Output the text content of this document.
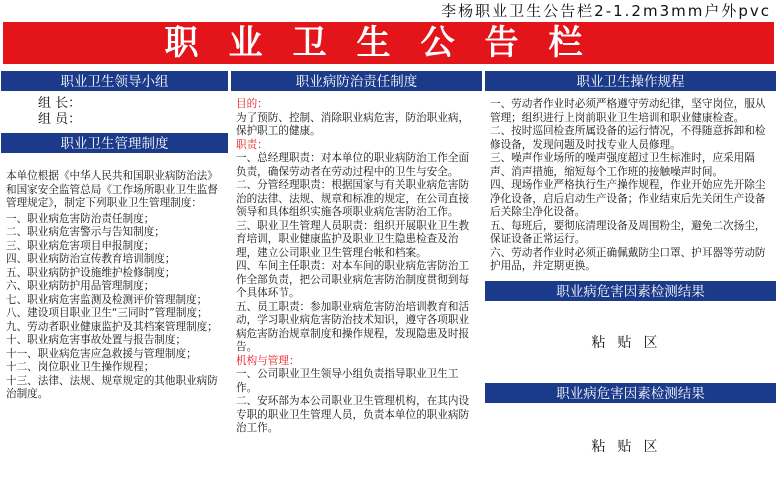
李杨职业卫生公告栏2-1.2m3mm户外pvc
职业卫生公告栏
职业卫生领导小组
组 长：
组 员：
职业卫生管理制度
本单位根据《中华人民共和国职业病防治法》和国家安全监管总局《工作场所职业卫生监督管理规定》，制定下列职业卫生管理制度：
一、职业病危害防治责任制度；
二、职业病危害警示与告知制度；
三、职业病危害项目申报制度；
四、职业病防治宣传教育培训制度；
五、职业病防护设施维护检修制度；
六、职业病防护用品管理制度；
七、职业病危害监测及检测评价管理制度；
八、建设项目职业卫生“三同时”管理制度；
九、劳动者职业健康监护及其档案管理制度；
十、职业病危害事故处置与报告制度；
十一、职业病危害应急救援与管理制度；
十二、岗位职业卫生操作规程；
十三、法律、法规、规章规定的其他职业病防治制度。
职业病防治责任制度
目的：
为了预防、控制、消除职业病危害，防治职业病，保护职工的健康。
职责：
一、总经理职责：对本单位的职业病防治工作全面负责，确保劳动者在劳动过程中的卫生与安全。
二、分管经理职责：根据国家与有关职业病危害防治的法律、法规、规章和标准的规定，在公司直接领导和具体组织实施各项职业病危害防治工作。
三、职业卫生管理人员职责：组织开展职业卫生教育培训，职业健康监护及职业卫生隐患检查及治理，建立公司职业卫生管理台帐和档案。
四、车间主任职责：对本车间的职业病危害防治工作全部负责，把公司职业病危害防治制度贯彻到每个具体环节。
五、员工职责：参加职业病危害防治培训教育和活动，学习职业病危害防治技术知识，遵守各项职业病危害防治规章制度和操作规程，发现隐患及时报告。
机构与管理：
一、公司职业卫生领导小组负责指导职业卫生工作。
二、安环部为本公司职业卫生管理机构，在其内设专职的职业卫生管理人员，负责本单位的职业病防治工作。
职业卫生操作规程
一、劳动者作业时必须严格遵守劳动纪律，坚守岗位，服从管理；组织进行上岗前职业卫生培训和职业健康检查。
二、按时巡回检查所属设备的运行情况，不得随意拆卸和检修设备，发现问题及时找专业人员修理。
三、噪声作业场所的噪声强度超过卫生标准时，应采用隔声、消声措施，缩短每个工作班的接触噪声时间。
四、现场作业严格执行生产操作规程，作业开始应先开除尘净化设备，启后启动生产设备；作业结束后先关闭生产设备后关除尘净化设备。
五、每班后，要彻底清理设备及周围粉尘，避免二次扬尘，保证设备正常运行。
六、劳动者作业时必须正确佩戴防尘口罩、护耳器等劳动防护用品，并定期更换。
职业病危害因素检测结果
粘贴区
职业病危害因素检测结果
粘贴区
